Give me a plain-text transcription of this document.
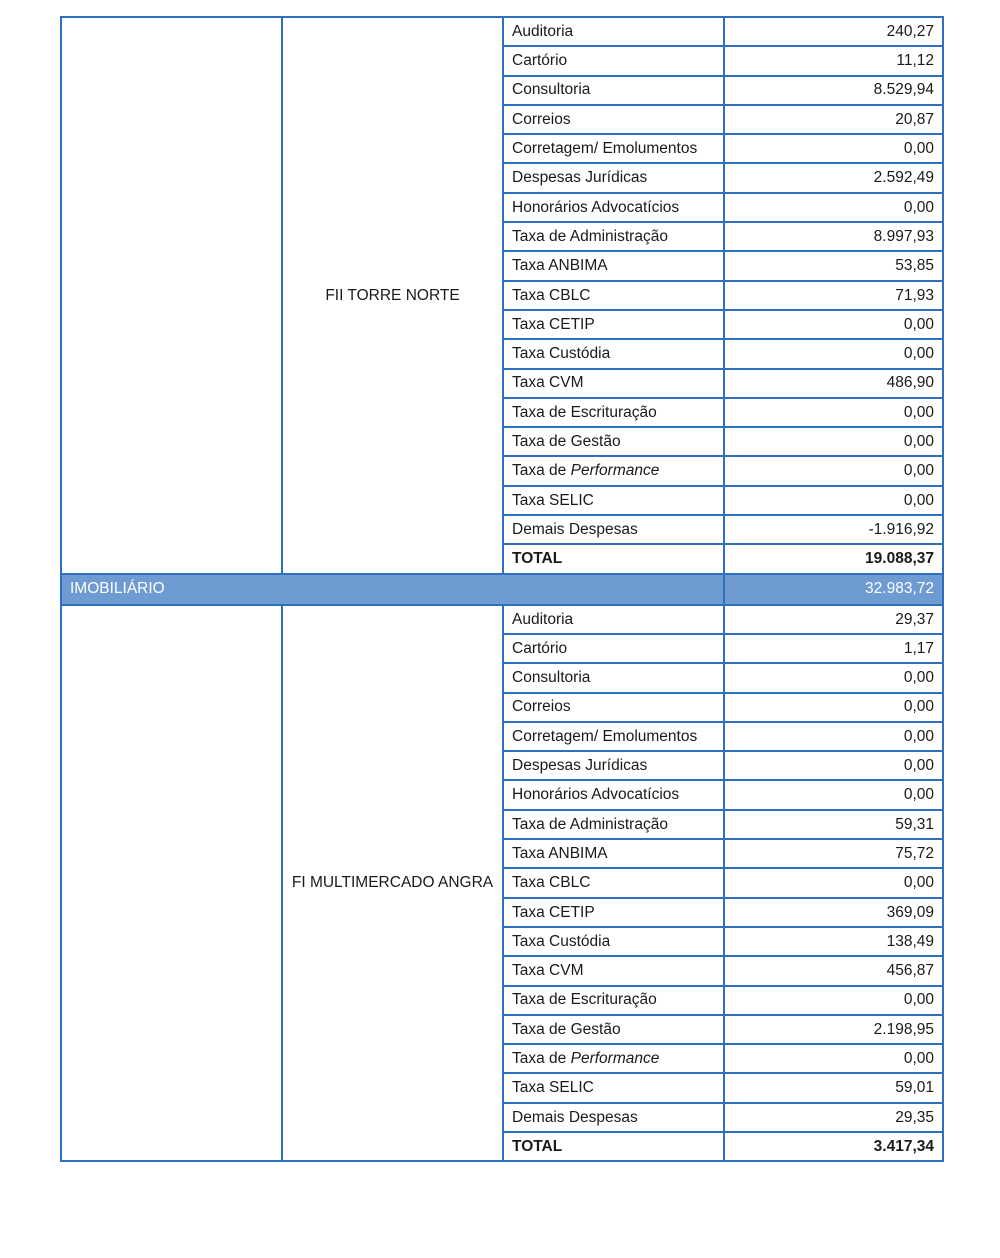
	FII TORRE NORTE	Auditoria	240,27
		Cartório	11,12
		Consultoria	8.529,94
		Correios	20,87
		Corretagem/ Emolumentos	0,00
		Despesas Jurídicas	2.592,49
		Honorários Advocatícios	0,00
		Taxa de Administração	8.997,93
		Taxa ANBIMA	53,85
		Taxa CBLC	71,93
		Taxa CETIP	0,00
		Taxa Custódia	0,00
		Taxa CVM	486,90
		Taxa de Escrituração	0,00
		Taxa de Gestão	0,00
		Taxa de Performance	0,00
		Taxa SELIC	0,00
		Demais Despesas	-1.916,92
		TOTAL	19.088,37
IMOBILIÁRIO			32.983,72
	FI MULTIMERCADO ANGRA	Auditoria	29,37
		Cartório	1,17
		Consultoria	0,00
		Correios	0,00
		Corretagem/ Emolumentos	0,00
		Despesas Jurídicas	0,00
		Honorários Advocatícios	0,00
		Taxa de Administração	59,31
		Taxa ANBIMA	75,72
		Taxa CBLC	0,00
		Taxa CETIP	369,09
		Taxa Custódia	138,49
		Taxa CVM	456,87
		Taxa de Escrituração	0,00
		Taxa de Gestão	2.198,95
		Taxa de Performance	0,00
		Taxa SELIC	59,01
		Demais Despesas	29,35
		TOTAL	3.417,34
